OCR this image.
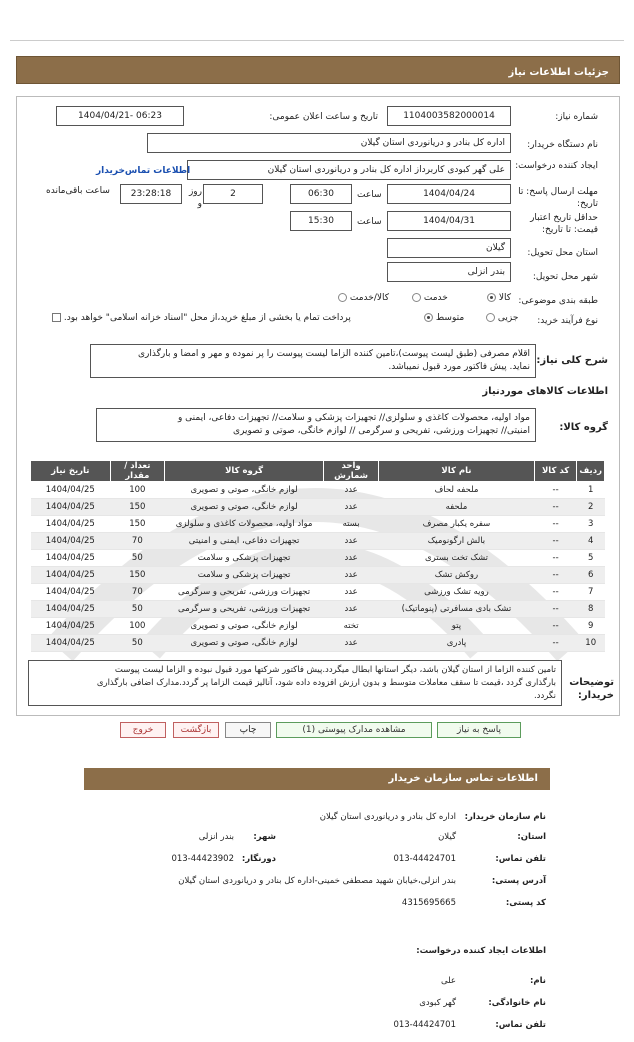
جزئیات اطلاعات نیاز
شماره نیاز:
1104003582000014
تاریخ و ساعت اعلان عمومی:
1404/04/21- 06:23
نام دستگاه خریدار:
اداره کل بنادر و دریانوردی استان گیلان
ایجاد کننده درخواست:
علی گهر کبودی کاربرداز اداره کل بنادر و دریانوردی استان گیلان
اطلاعات تماس‌خریدار
مهلت ارسال پاسخ: تا تاریخ:
1404/04/24
ساعت
06:30
2
روز و
23:28:18
ساعت باقی‌مانده
حداقل تاریخ اعتبار قیمت: تا تاریخ:
1404/04/31
ساعت
15:30
استان محل تحویل:
گیلان
شهر محل تحویل:
بندر انزلی
طبقه بندی موضوعی:
کالا
خدمت
کالا/خدمت
نوع فرآیند خرید:
جزیی
متوسط
پرداخت تمام یا بخشی از مبلغ خرید،از محل "اسناد خزانه اسلامی" خواهد بود.
شرح کلی نیاز:
اقلام مصرفی (طبق لیست پیوست)،تامین کننده الزاما لیست پیوست را پر نموده و مهر و امضا و بارگذاری
نماید. پیش فاکتور مورد قبول نمیباشد.
اطلاعات کالاهای موردنیاز
گروه کالا:
مواد اولیه، محصولات کاغذی و سلولزی// تجهیزات پزشکی و سلامت// تجهیزات دفاعی، ایمنی و
امنیتی// تجهیزات ورزشی، تفریحی و سرگرمی // لوازم خانگی، صوتی و تصویری
ردیف	کد کالا	نام کالا	واحد شمارش	گروه کالا	تعداد / مقدار	تاریخ نیاز
1	--	ملحفه لحاف	عدد	لوازم خانگی، صوتی و تصویری	100	1404/04/25
2	--	ملحفه	عدد	لوازم خانگی، صوتی و تصویری	150	1404/04/25
3	--	سفره یکبار مصرف	بسته	مواد اولیه، محصولات کاغذی و سلولزی	150	1404/04/25
4	--	بالش ارگونومیک	عدد	تجهیزات دفاعی، ایمنی و امنیتی	70	1404/04/25
5	--	تشک تخت بستری	عدد	تجهیزات پزشکی و سلامت	50	1404/04/25
6	--	روکش تشک	عدد	تجهیزات پزشکی و سلامت	150	1404/04/25
7	--	رویه تشک ورزشی	عدد	تجهیزات ورزشی، تفریحی و سرگرمی	70	1404/04/25
8	--	تشک بادی مسافرتی (پنوماتیک)	عدد	تجهیزات ورزشی، تفریحی و سرگرمی	50	1404/04/25
9	--	پتو	تخته	لوازم خانگی، صوتی و تصویری	100	1404/04/25
10	--	پادری	عدد	لوازم خانگی، صوتی و تصویری	50	1404/04/25
توضیحات خریدار:
تامین کننده الزاما از استان گیلان باشد، دیگر استانها ابطال میگردد.پیش فاکتور شرکتها مورد قبول نبوده و الزاما لیست پیوست
بارگذاری گردد ،قیمت تا سقف معاملات متوسط و بدون ارزش افزوده داده شود، آنالیز قیمت الزاما پر گردد.مدارک اضافی بارگذاری
نگردد.
پاسخ به نیاز
مشاهده مدارک پیوستی (1)
چاپ
بازگشت
خروج
اطلاعات تماس سازمان خریدار
نام سازمان خریدار:
اداره کل بنادر و دریانوردی استان گیلان
استان:
گیلان
شهر:
بندر انزلی
تلفن تماس:
013-44424701
دورنگار:
013-44423902
آدرس پستی:
بندر انزلی،خیابان شهید مصطفی خمینی-اداره کل بنادر و دریانوردی استان گیلان
کد پستی:
4315695665
اطلاعات ایجاد کننده درخواست:
نام:
علی
نام خانوادگی:
گهر کبودی
تلفن تماس:
013-44424701
